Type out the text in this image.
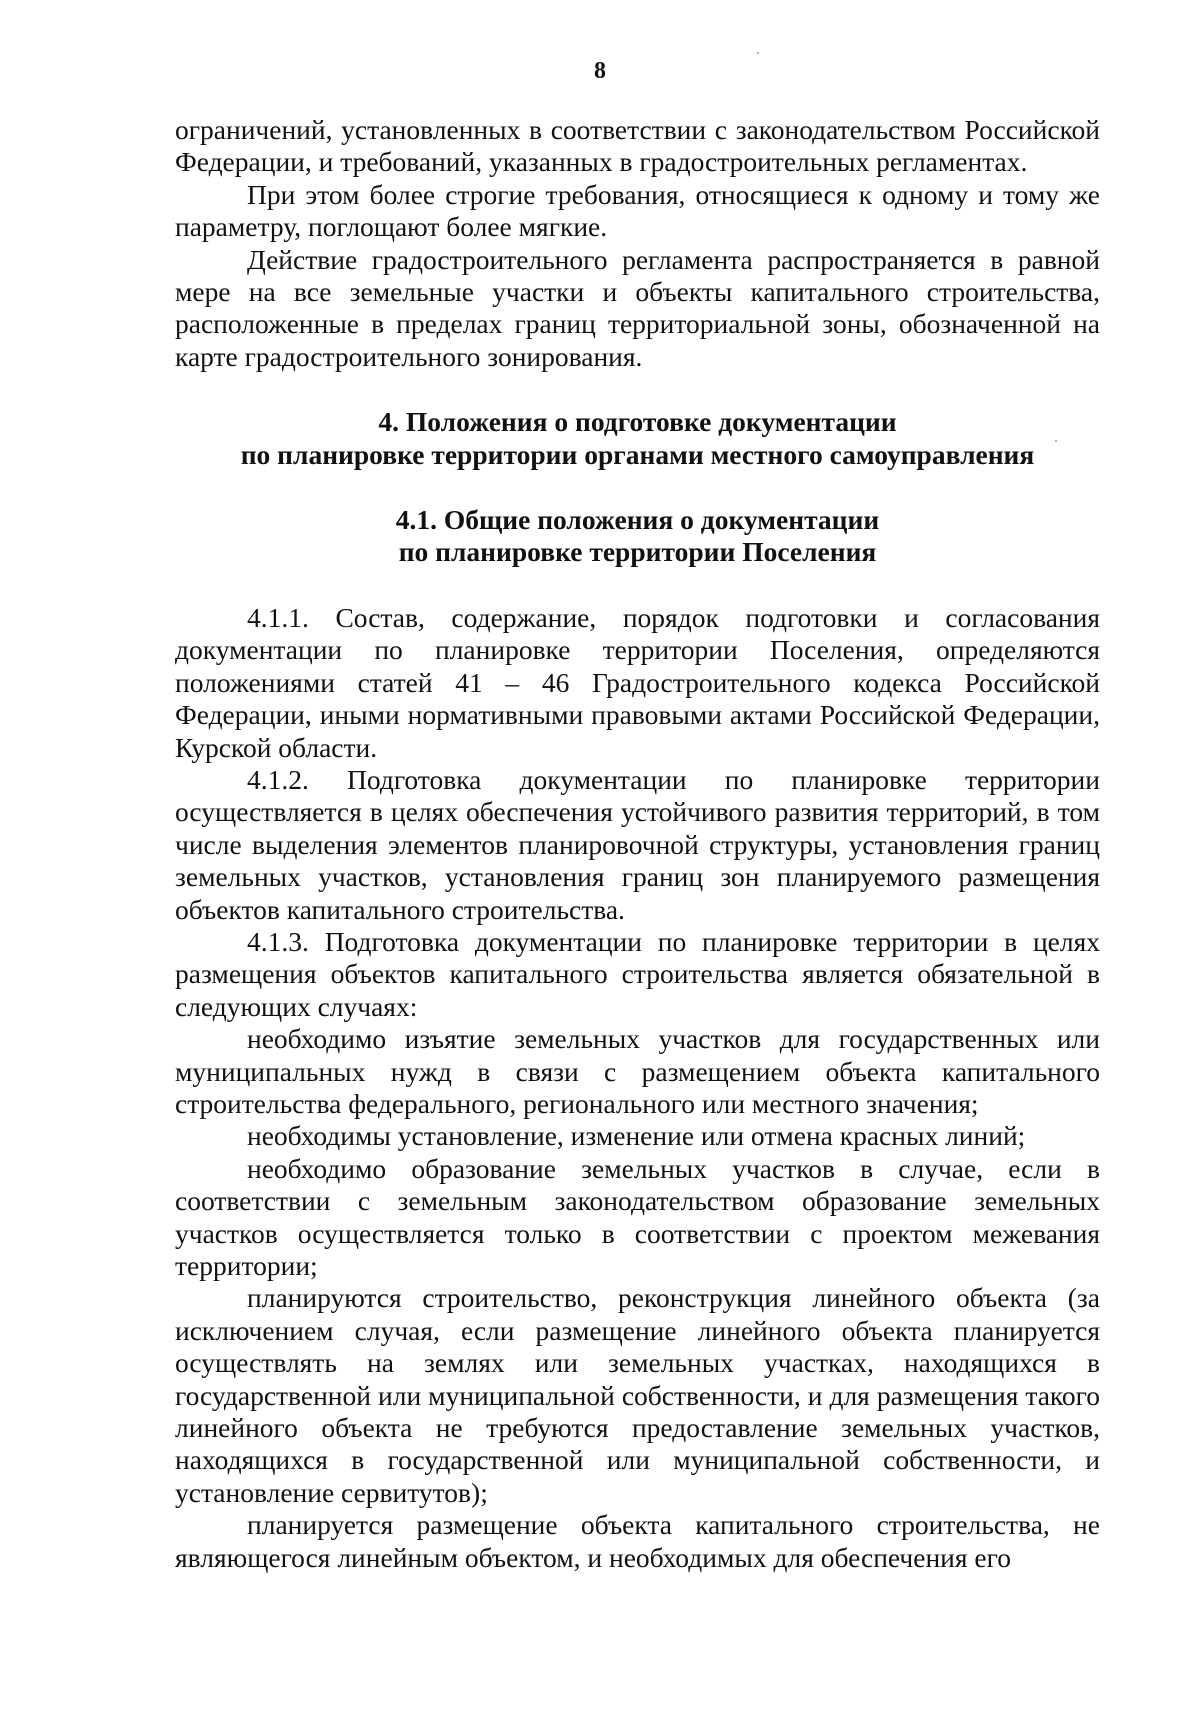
8

ограничений, установленных в соответствии с законодательством Российской Федерации, и требований, указанных в градостроительных регламентах.

При этом более строгие требования, относящиеся к одному и тому же параметру, поглощают более мягкие.

Действие градостроительного регламента распространяется в равной мере на все земельные участки и объекты капитального строительства, расположенные в пределах границ территориальной зоны, обозначенной на карте градостроительного зонирования.

4. Положения о подготовке документации
по планировке территории органами местного самоуправления
4.1. Общие положения о документации
по планировке территории Поселения

4.1.1. Состав, содержание, порядок подготовки и согласования документации по планировке территории Поселения, определяются положениями статей 41 – 46 Градостроительного кодекса Российской Федерации, иными нормативными правовыми актами Российской Федерации, Курской области.

4.1.2. Подготовка документации по планировке территории осуществляется в целях обеспечения устойчивого развития территорий, в том числе выделения элементов планировочной структуры, установления границ земельных участков, установления границ зон планируемого размещения объектов капитального строительства.

4.1.3. Подготовка документации по планировке территории в целях размещения объектов капитального строительства является обязательной в следующих случаях:

необходимо изъятие земельных участков для государственных или муниципальных нужд в связи с размещением объекта капитального строительства федерального, регионального или местного значения;

необходимы установление, изменение или отмена красных линий;

необходимо образование земельных участков в случае, если в соответствии с земельным законодательством образование земельных участков осуществляется только в соответствии с проектом межевания территории;

планируются строительство, реконструкция линейного объекта (за исключением случая, если размещение линейного объекта планируется осуществлять на землях или земельных участках, находящихся в государственной или муниципальной собственности, и для размещения такого линейного объекта не требуются предоставление земельных участков, находящихся в государственной или муниципальной собственности, и установление сервитутов);

планируется размещение объекта капитального строительства, не являющегося линейным объектом, и необходимых для обеспечения его
